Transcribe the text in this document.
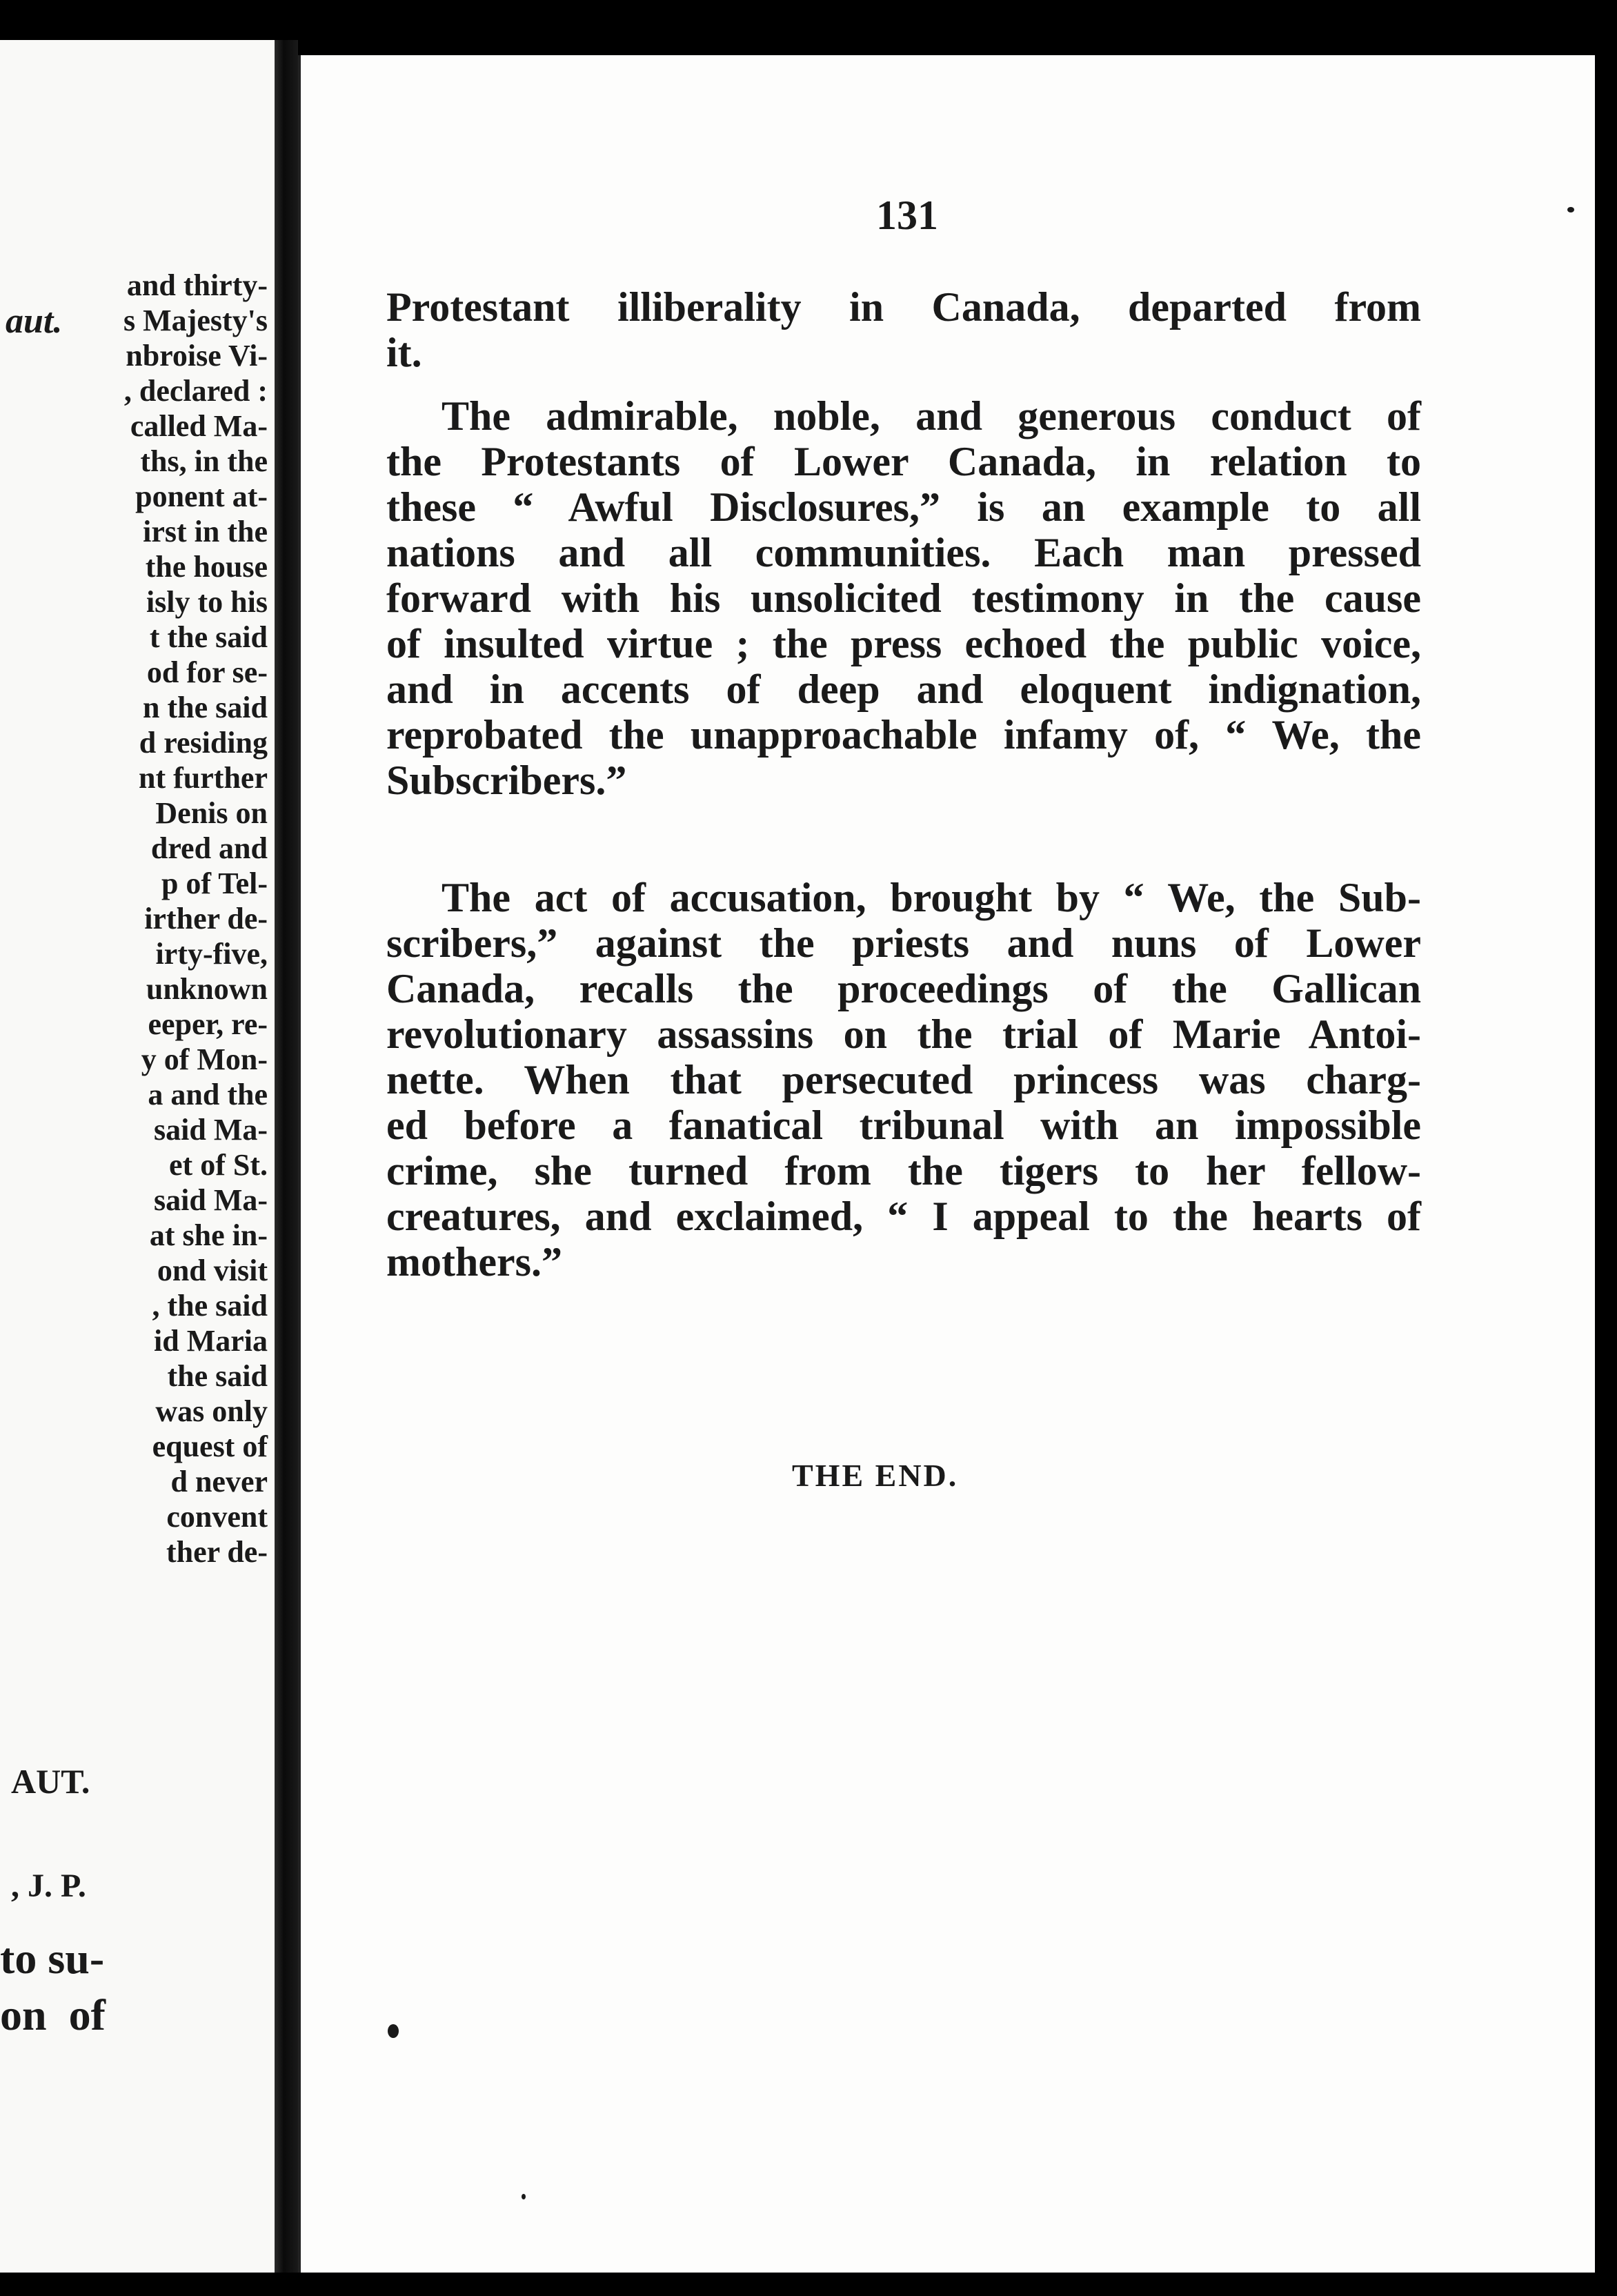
aut.
and thirty-
s Majesty's
nbroise Vi-
, declared :
called Ma-
ths, in the
ponent at-
irst in the
the house
isly to his
t the said
od for se-
n the said
d residing
nt further
Denis on
dred and
p of Tel-
irther de-
irty-five,
unknown
eeper, re-
y of Mon-
a and the
said Ma-
et of St.
said Ma-
at she in-
ond visit
, the said
id Maria
the said
was only
equest of
d never
convent
ther de-
AUT.
, J. P.
to su-
on  of
131
Protestant illiberality in Canada, departed from
it.
The admirable, noble, and generous conduct of
the Protestants of Lower Canada, in relation to
these “ Awful Disclosures,” is an example to all
nations and all communities. Each man pressed
forward with his unsolicited testimony in the cause
of insulted virtue ; the press echoed the public voice,
and in accents of deep and eloquent indignation,
reprobated the unapproachable infamy of, “ We, the
Subscribers.”
The act of accusation, brought by “ We, the Sub-
scribers,” against the priests and nuns of Lower
Canada, recalls the proceedings of the Gallican
revolutionary assassins on the trial of Marie Antoi-
nette. When that persecuted princess was charg-
ed before a fanatical tribunal with an impossible
crime, she turned from the tigers to her fellow-
creatures, and exclaimed, “ I appeal to the hearts of
mothers.”
THE END.
